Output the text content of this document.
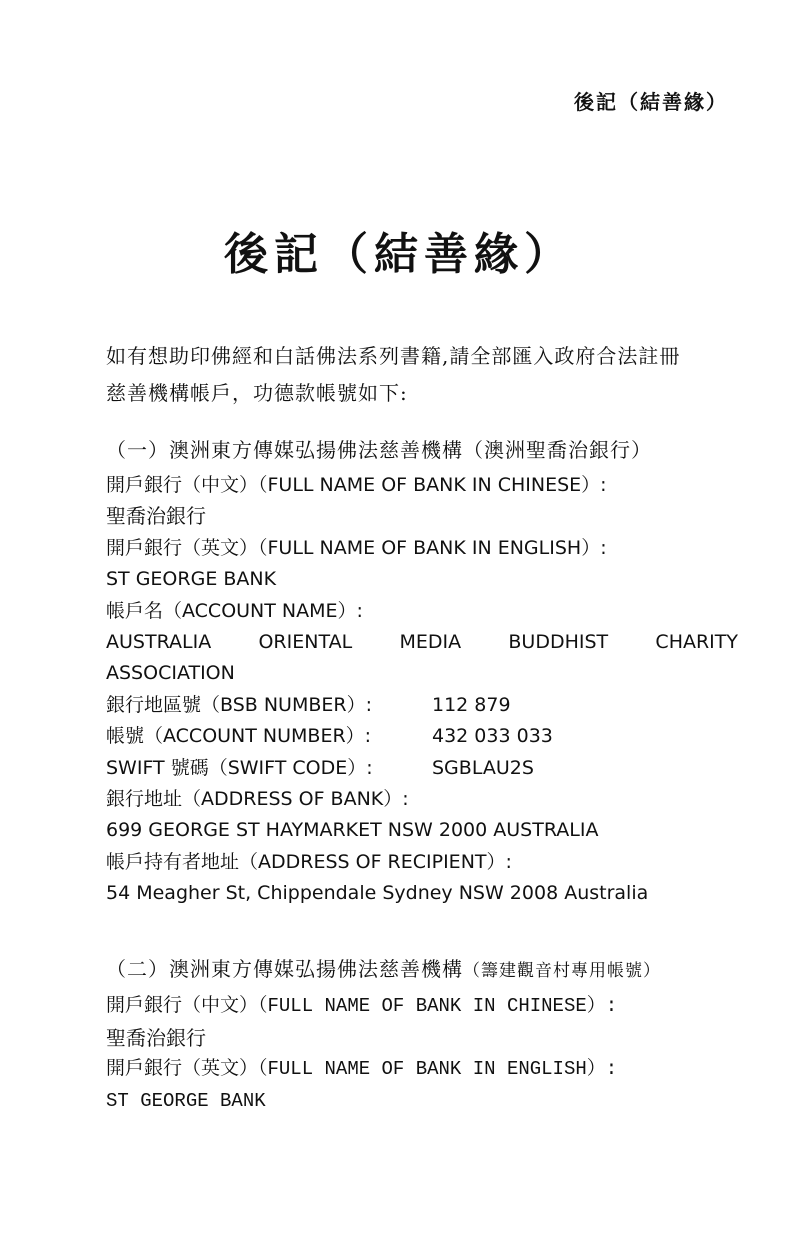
後記（結善緣）
後記（結善緣）

如有想助印佛經和白話佛法系列書籍,請全部匯入政府合法註冊
慈善機構帳戶，功德款帳號如下:

（一）澳洲東方傳媒弘揚佛法慈善機構（澳洲聖喬治銀行）

開戶銀行（中文）（FULL NAME OF BANK IN CHINESE）:

聖喬治銀行

開戶銀行（英文）（FULL NAME OF BANK IN ENGLISH）:

ST GEORGE BANK

帳戶名（ACCOUNT NAME）:

AUSTRALIA ORIENTAL MEDIA BUDDHIST CHARITY

ASSOCIATION

銀行地區號（BSB NUMBER）:	112 879

帳號（ACCOUNT NUMBER）:	432 033 033

SWIFT 號碼（SWIFT CODE）:	SGBLAU2S

銀行地址（ADDRESS OF BANK）:

699 GEORGE ST HAYMARKET NSW 2000 AUSTRALIA

帳戶持有者地址（ADDRESS OF RECIPIENT）:

54 Meagher St, Chippendale Sydney NSW 2008 Australia

（二）澳洲東方傳媒弘揚佛法慈善機構（籌建觀音村專用帳號）

開戶銀行（中文）（FULL NAME OF BANK IN CHINESE）:

聖喬治銀行

開戶銀行（英文）（FULL NAME OF BANK IN ENGLISH）:

ST GEORGE BANK
